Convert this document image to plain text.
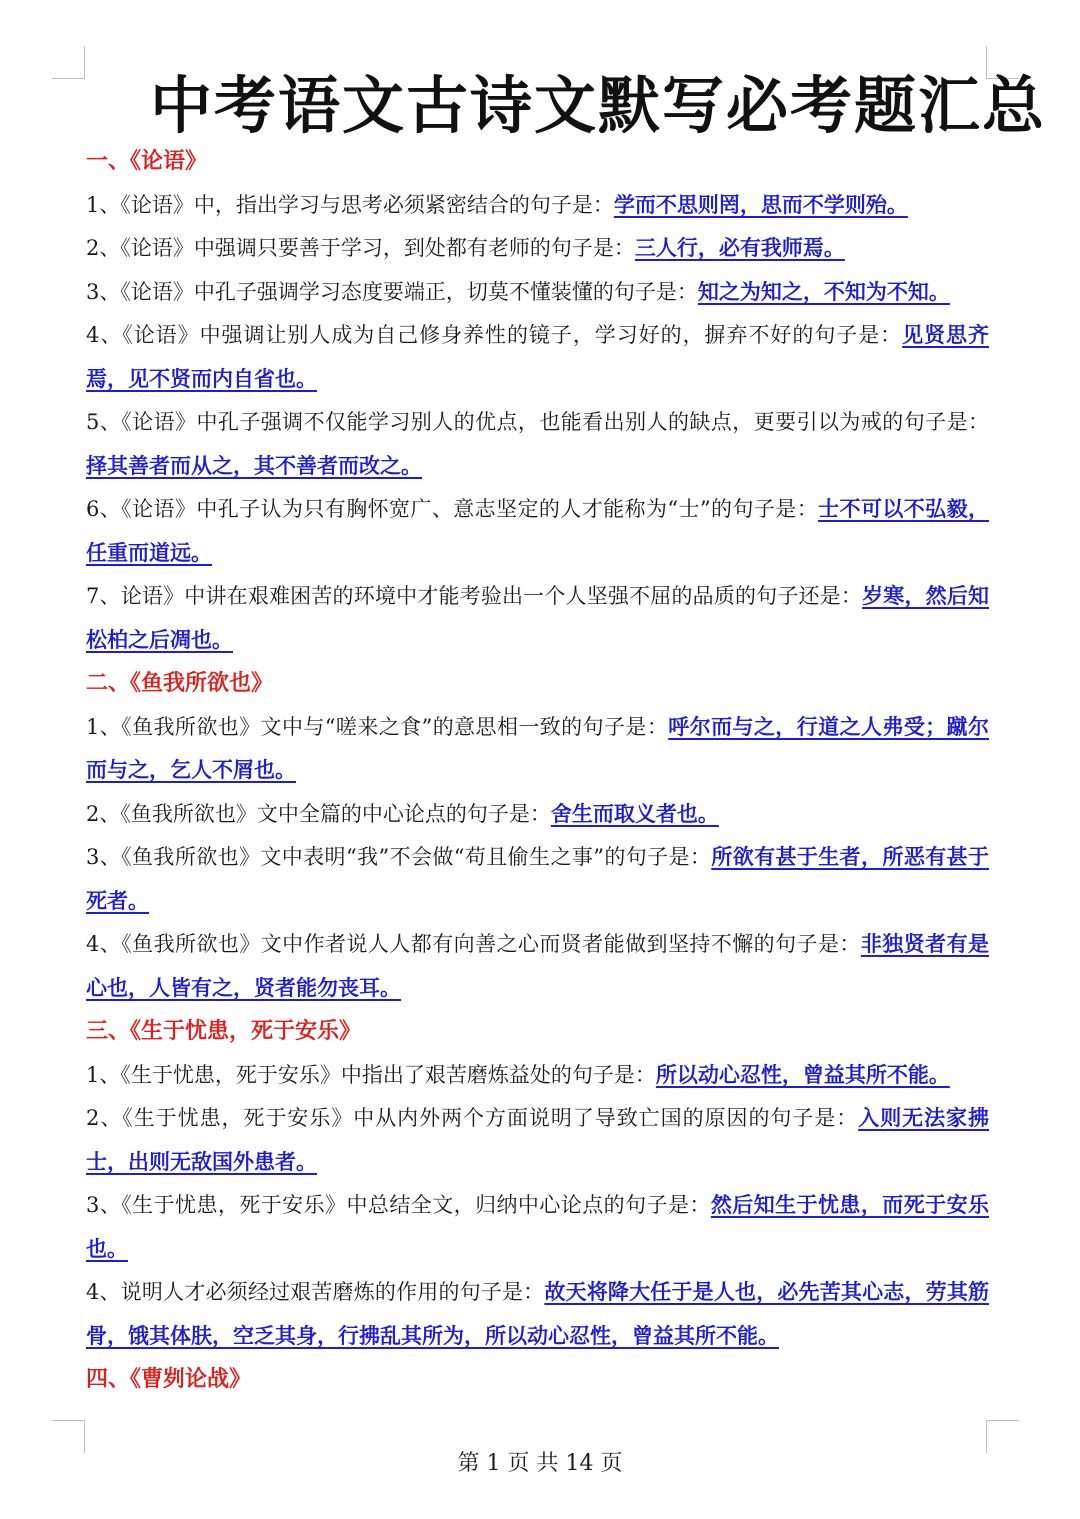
中考语文古诗文默写必考题汇总
一、《论语》
1、《论语》中，指出学习与思考必须紧密结合的句子是：学而不思则罔，思而不学则殆。
2、《论语》中强调只要善于学习，到处都有老师的句子是：三人行，必有我师焉。
3、《论语》中孔子强调学习态度要端正，切莫不懂装懂的句子是：知之为知之，不知为不知。
4、《论语》中强调让别人成为自己修身养性的镜子，学习好的，摒弃不好的句子是：见贤思齐焉，见不贤而内自省也。
5、《论语》中孔子强调不仅能学习别人的优点，也能看出别人的缺点，更要引以为戒的句子是：择其善者而从之，其不善者而改之。
6、《论语》中孔子认为只有胸怀宽广、意志坚定的人才能称为“士”的句子是：士不可以不弘毅，任重而道远。
7、论语》中讲在艰难困苦的环境中才能考验出一个人坚强不屈的品质的句子还是：岁寒，然后知松柏之后凋也。
二、《鱼我所欲也》
1、《鱼我所欲也》文中与“嗟来之食”的意思相一致的句子是：呼尔而与之，行道之人弗受；蹴尔而与之，乞人不屑也。
2、《鱼我所欲也》文中全篇的中心论点的句子是：舍生而取义者也。
3、《鱼我所欲也》文中表明“我”不会做“苟且偷生之事”的句子是：所欲有甚于生者，所恶有甚于死者。
4、《鱼我所欲也》文中作者说人人都有向善之心而贤者能做到坚持不懈的句子是：非独贤者有是心也，人皆有之，贤者能勿丧耳。
三、《生于忧患，死于安乐》
1、《生于忧患，死于安乐》中指出了艰苦磨炼益处的句子是：所以动心忍性，曾益其所不能。
2、《生于忧患，死于安乐》中从内外两个方面说明了导致亡国的原因的句子是：入则无法家拂士，出则无敌国外患者。
3、《生于忧患，死于安乐》中总结全文，归纳中心论点的句子是：然后知生于忧患，而死于安乐也。
4、说明人才必须经过艰苦磨炼的作用的句子是：故天将降大任于是人也，必先苦其心志，劳其筋骨，饿其体肤，空乏其身，行拂乱其所为，所以动心忍性，曾益其所不能。
四、《曹刿论战》
第 1 页 共 14 页
